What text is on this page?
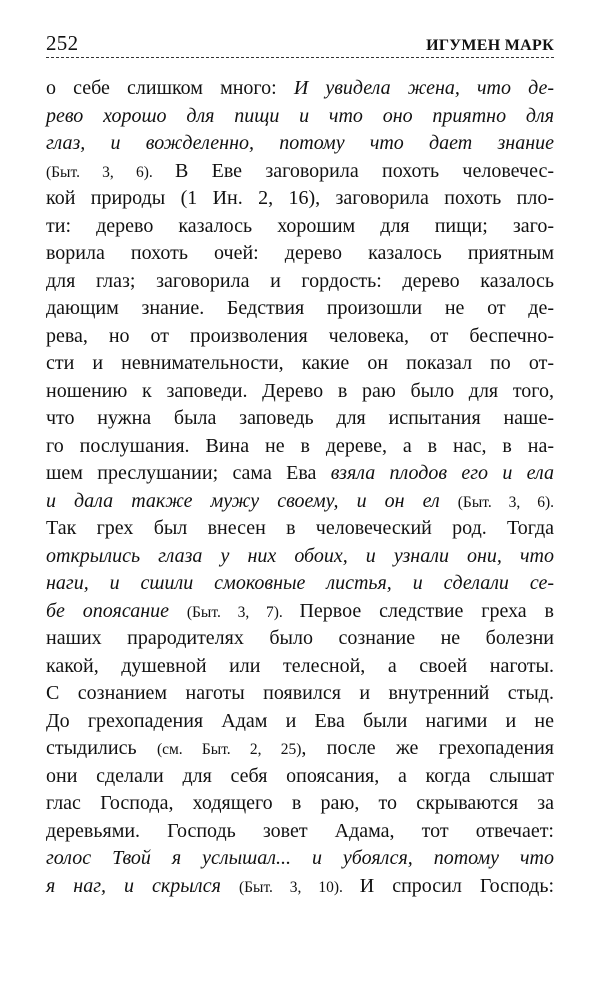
252	ИГУМЕН МАРК
о себе слишком много: И увидела жена, что де-
рево хорошо для пищи и что оно приятно для
глаз, и вожделенно, потому что дает знание
(Быт. 3, 6). В Еве заговорила похоть человечес-
кой природы (1 Ин. 2, 16), заговорила похоть пло-
ти: дерево казалось хорошим для пищи; заго-
ворила похоть очей: дерево казалось приятным
для глаз; заговорила и гордость: дерево казалось
дающим знание. Бедствия произошли не от де-
рева, но от произволения человека, от беспечно-
сти и невнимательности, какие он показал по от-
ношению к заповеди. Дерево в раю было для того,
что нужна была заповедь для испытания наше-
го послушания. Вина не в дереве, а в нас, в на-
шем преслушании; сама Ева взяла плодов его и ела
и дала также мужу своему, и он ел (Быт. 3, 6).
Так грех был внесен в человеческий род. Тогда
открылись глаза у них обоих, и узнали они, что
наги, и сшили смоковные листья, и сделали се-
бе опоясание (Быт. 3, 7). Первое следствие греха в
наших прародителях было сознание не болезни
какой, душевной или телесной, а своей наготы.
С сознанием наготы появился и внутренний стыд.
До грехопадения Адам и Ева были нагими и не
стыдились (см. Быт. 2, 25), после же грехопадения
они сделали для себя опоясания, а когда слышат
глас Господа, ходящего в раю, то скрываются за
деревьями. Господь зовет Адама, тот отвечает:
голос Твой я услышал... и убоялся, потому что
я наг, и скрылся (Быт. 3, 10). И спросил Господь:
